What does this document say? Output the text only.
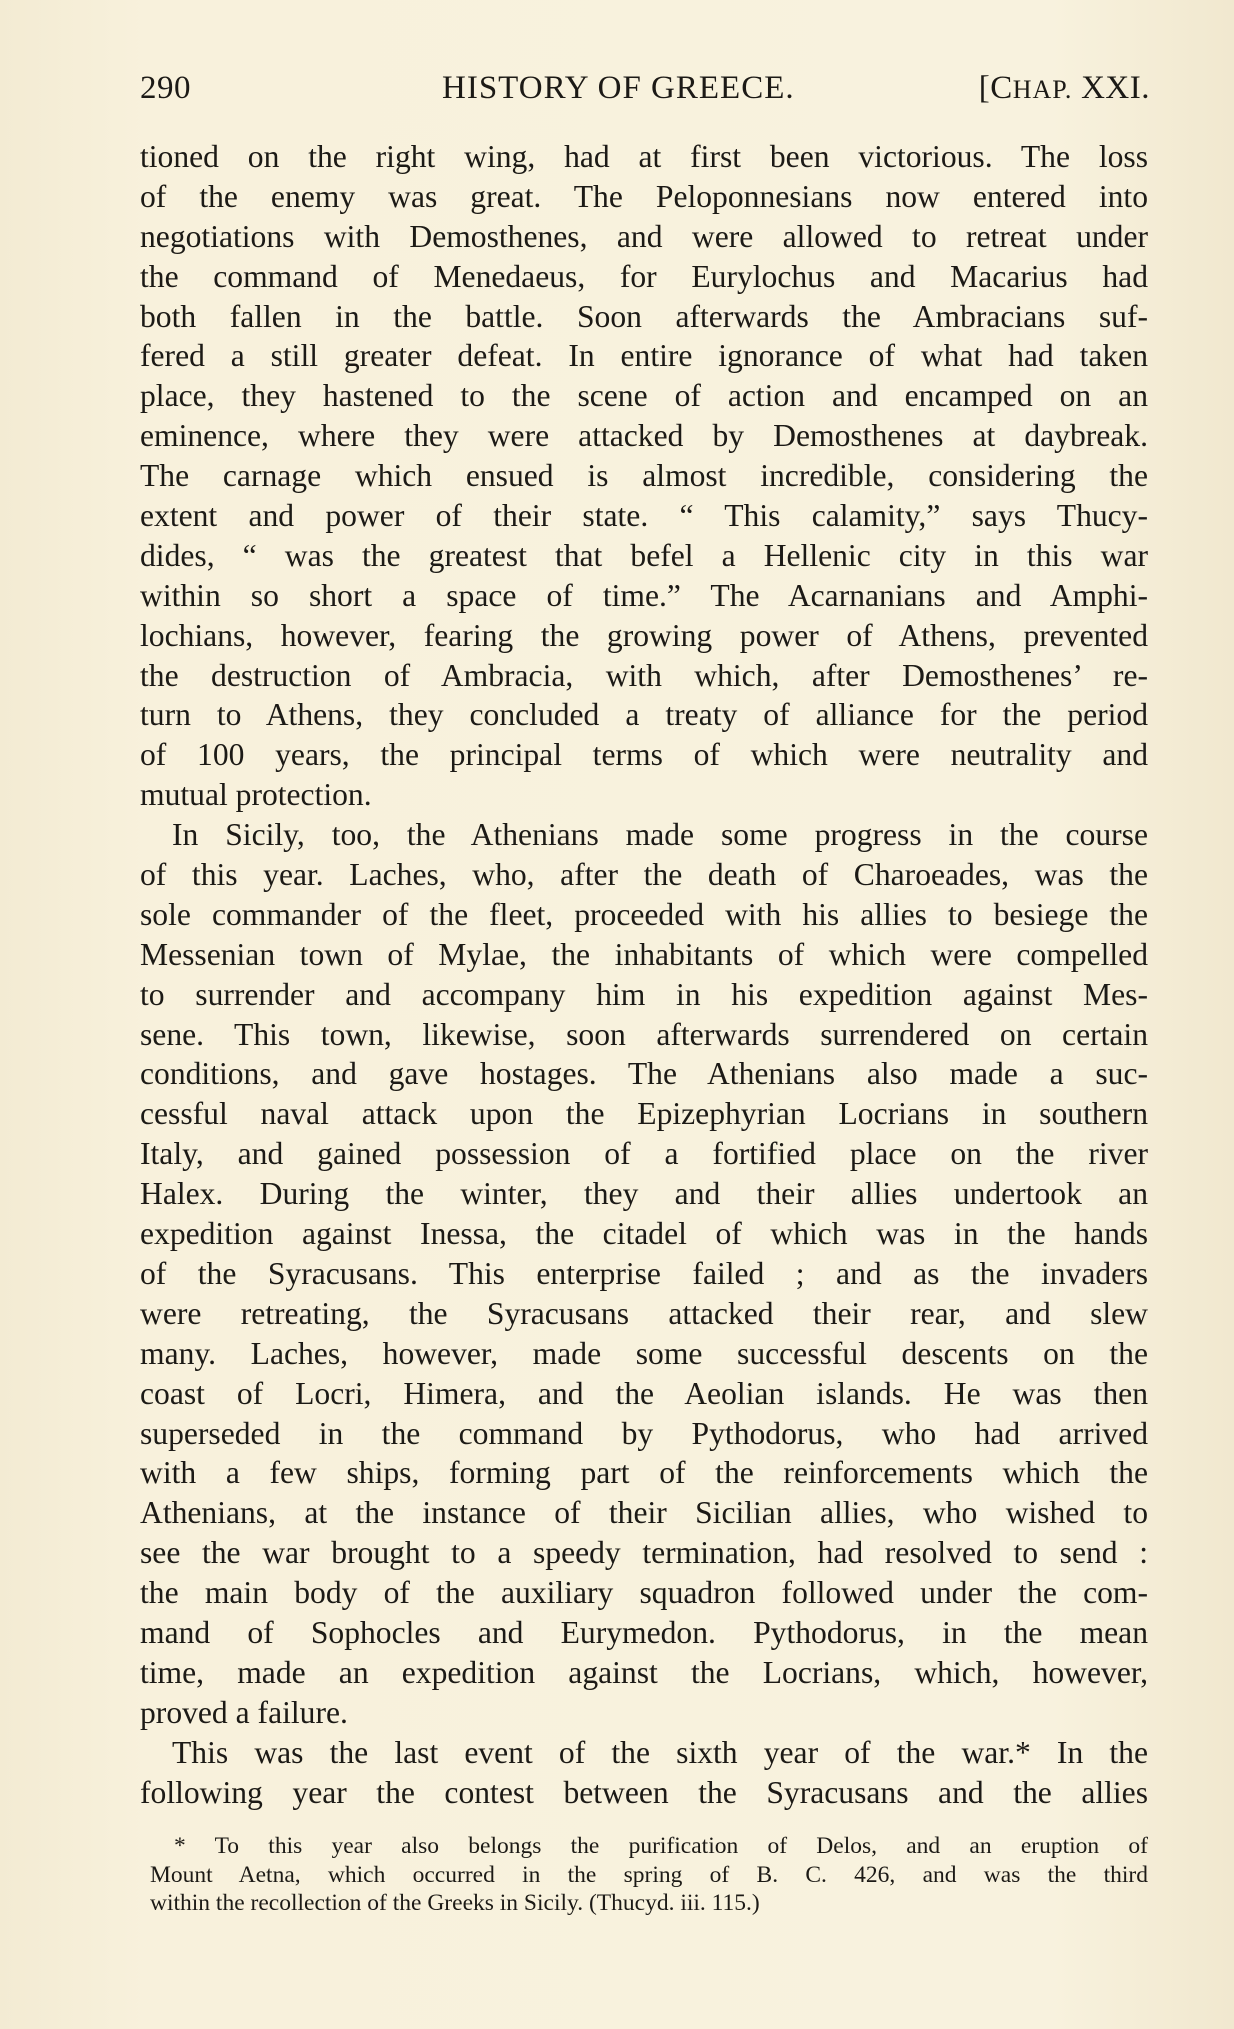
290	HISTORY OF GREECE.	[CHAP. XXI.
tioned on the right wing, had at first been victorious. The loss
of the enemy was great. The Peloponnesians now entered into
negotiations with Demosthenes, and were allowed to retreat under
the command of Menedaeus, for Eurylochus and Macarius had
both fallen in the battle. Soon afterwards the Ambracians suf-
fered a still greater defeat. In entire ignorance of what had taken
place, they hastened to the scene of action and encamped on an
eminence, where they were attacked by Demosthenes at daybreak.
The carnage which ensued is almost incredible, considering the
extent and power of their state. “ This calamity,” says Thucy-
dides, “ was the greatest that befel a Hellenic city in this war
within so short a space of time.” The Acarnanians and Amphi-
lochians, however, fearing the growing power of Athens, prevented
the destruction of Ambracia, with which, after Demosthenes’ re-
turn to Athens, they concluded a treaty of alliance for the period
of 100 years, the principal terms of which were neutrality and
mutual protection.
In Sicily, too, the Athenians made some progress in the course
of this year. Laches, who, after the death of Charoeades, was the
sole commander of the fleet, proceeded with his allies to besiege the
Messenian town of Mylae, the inhabitants of which were compelled
to surrender and accompany him in his expedition against Mes-
sene. This town, likewise, soon afterwards surrendered on certain
conditions, and gave hostages. The Athenians also made a suc-
cessful naval attack upon the Epizephyrian Locrians in southern
Italy, and gained possession of a fortified place on the river
Halex. During the winter, they and their allies undertook an
expedition against Inessa, the citadel of which was in the hands
of the Syracusans. This enterprise failed ; and as the invaders
were retreating, the Syracusans attacked their rear, and slew
many. Laches, however, made some successful descents on the
coast of Locri, Himera, and the Aeolian islands. He was then
superseded in the command by Pythodorus, who had arrived
with a few ships, forming part of the reinforcements which the
Athenians, at the instance of their Sicilian allies, who wished to
see the war brought to a speedy termination, had resolved to send :
the main body of the auxiliary squadron followed under the com-
mand of Sophocles and Eurymedon. Pythodorus, in the mean
time, made an expedition against the Locrians, which, however,
proved a failure.
This was the last event of the sixth year of the war.* In the
following year the contest between the Syracusans and the allies
* To this year also belongs the purification of Delos, and an eruption of
Mount Aetna, which occurred in the spring of B. C. 426, and was the third
within the recollection of the Greeks in Sicily. (Thucyd. iii. 115.)
